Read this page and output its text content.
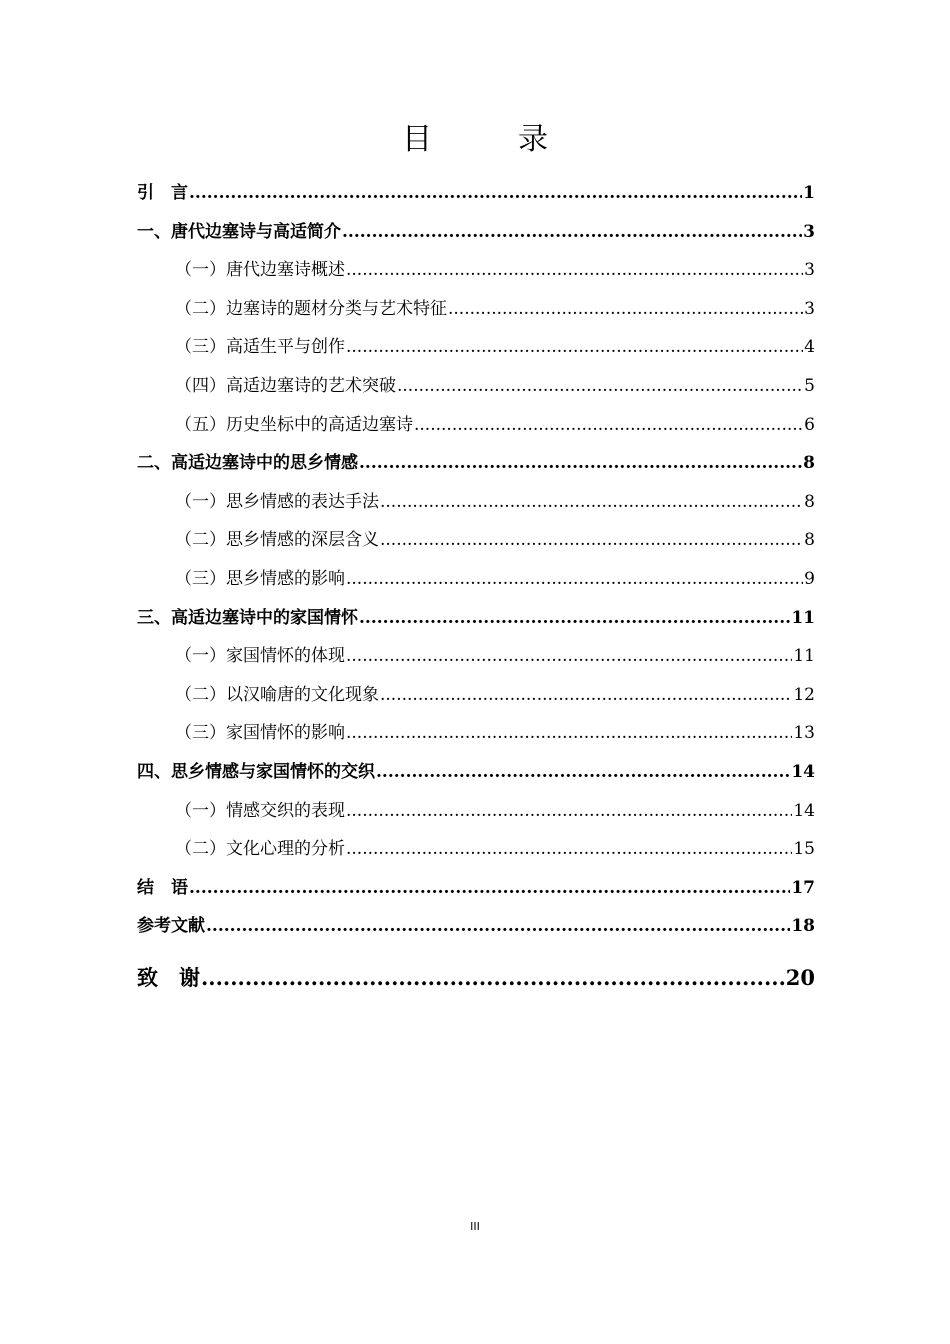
目　录
引　言 .....	1
一、唐代边塞诗与高适简介 .....	3
（一）唐代边塞诗概述 .....	3
（二）边塞诗的题材分类与艺术特征 .....	3
（三）高适生平与创作 .....	4
（四）高适边塞诗的艺术突破 .....	5
（五）历史坐标中的高适边塞诗 .....	6
二、高适边塞诗中的思乡情感 .....	8
（一）思乡情感的表达手法 .....	8
（二）思乡情感的深层含义 .....	8
（三）思乡情感的影响 .....	9
三、高适边塞诗中的家国情怀 .....	11
（一）家国情怀的体现 .....	11
（二）以汉喻唐的文化现象 .....	12
（三）家国情怀的影响 .....	13
四、思乡情感与家国情怀的交织 .....	14
（一）情感交织的表现 .....	14
（二）文化心理的分析 .....	15
结　语 .....	17
参考文献 .....	18
致　谢 .....	20
III
